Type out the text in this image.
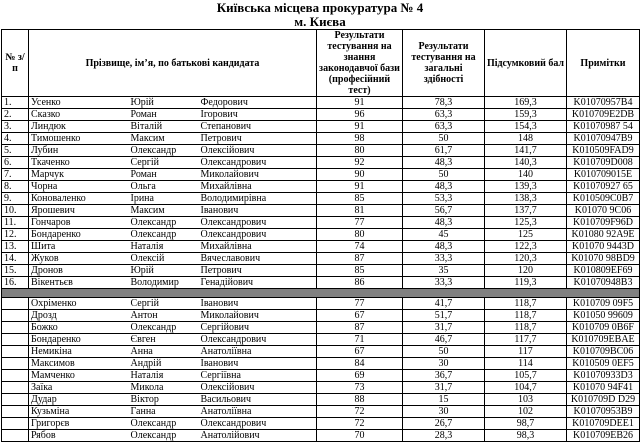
Київська місцева прокуратура № 4
м. Києва
№ з/п	Прізвище, ім’я, по батькові кандидата			Результати тестування на знання законодавчої бази (професійний тест)	Результати тестування на загальні здібності	Підсумковий бал	Примітки
1.	Усенко	Юрій	Федорович	91	78,3	169,3	K01070957B4
2.	Сказко	Роман	Ігорович	96	63,3	159,3	K010709E2DB
3.	Линдюк	Віталій	Степанович	91	63,3	154,3	K01070987 54
4.	Тимошенко	Максим	Петрович	98	50	148	K01070947B9
5.	Лубин	Олександр	Олексійович	80	61,7	141,7	K010509FAD9
6.	Ткаченко	Сергій	Олександрович	92	48,3	140,3	K010709D008
7.	Марчук	Роман	Миколайович	90	50	140	K010709015E
8.	Чорна	Ольга	Михайлівна	91	48,3	139,3	K01070927 65
9.	Коноваленко	Ірина	Володимирівна	85	53,3	138,3	K010509C0B7
10.	Ярошевич	Максим	Іванович	81	56,7	137,7	K01070 9C06
11.	Гончаров	Олександр	Олександрович	77	48,3	125,3	K010709F96D
12.	Бондаренко	Олександр	Олександрович	80	45	125	K01080 92A9E
13.	Шита	Наталія	Михайлівна	74	48,3	122,3	K01070 9443D
14.	Жуков	Олексій	Вячеславович	87	33,3	120,3	K01070 98BD9
15.	Дронов	Юрій	Петрович	85	35	120	K010809EF69
16.	Вікентьєв	Володимир	Генадійович	86	33,3	119,3	K01070948B3

	Охріменко	Сергій	Іванович	77	41,7	118,7	K010709 09F5
	Дрозд	Антон	Миколайович	67	51,7	118,7	K01050 99609
	Божко	Олександр	Сергійович	87	31,7	118,7	K010709 0B6F
	Бондаренко	Євген	Олександрович	71	46,7	117,7	K010709EBAE
	Немикіна	Анна	Анатоліївна	67	50	117	K010709BC06
	Максимов	Андрій	Іванович	84	30	114	K010509 0EF5
	Мамченко	Наталія	Сергіївна	69	36,7	105,7	K01070933D3
	Заїка	Микола	Олексійович	73	31,7	104,7	K01070 94F41
	Дудар	Віктор	Васильович	88	15	103	K010709D D29
	Кузьміна	Ганна	Анатоліївна	72	30	102	K01070953B9
	Григорєв	Олександр	Олександрович	72	26,7	98,7	K010709DEE1
	Рябов	Олександр	Анатолійович	70	28,3	98,3	K010709EB26
